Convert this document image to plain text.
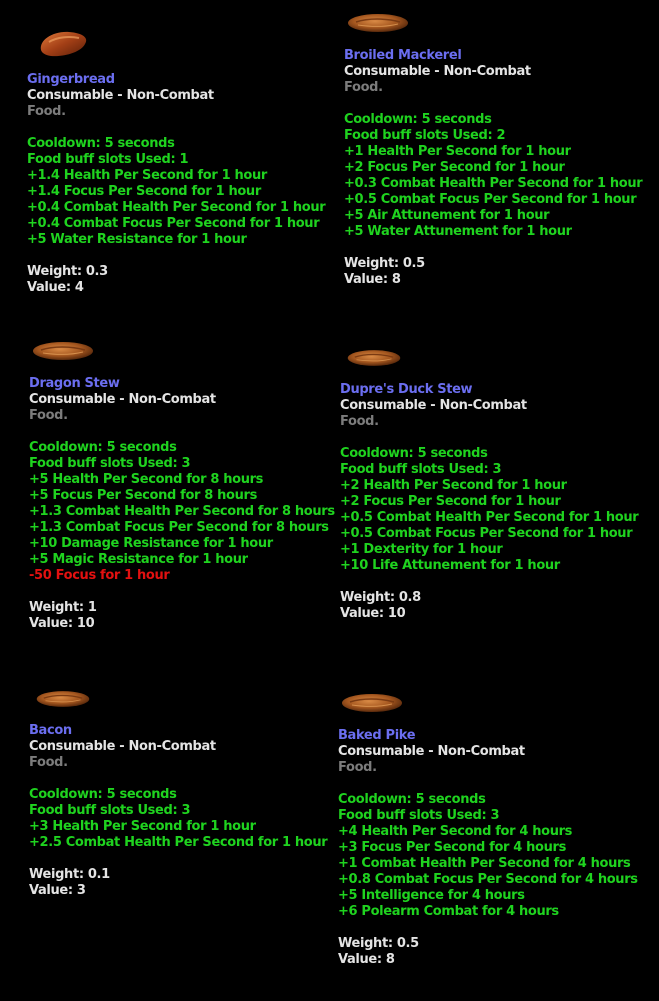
Gingerbread
Consumable - Non-Combat
Food.
Cooldown: 5 seconds
Food buff slots Used: 1
+1.4 Health Per Second for 1 hour
+1.4 Focus Per Second for 1 hour
+0.4 Combat Health Per Second for 1 hour
+0.4 Combat Focus Per Second for 1 hour
+5 Water Resistance for 1 hour
Weight: 0.3
Value: 4
Broiled Mackerel
Consumable - Non-Combat
Food.
Cooldown: 5 seconds
Food buff slots Used: 2
+1 Health Per Second for 1 hour
+2 Focus Per Second for 1 hour
+0.3 Combat Health Per Second for 1 hour
+0.5 Combat Focus Per Second for 1 hour
+5 Air Attunement for 1 hour
+5 Water Attunement for 1 hour
Weight: 0.5
Value: 8
Dragon Stew
Consumable - Non-Combat
Food.
Cooldown: 5 seconds
Food buff slots Used: 3
+5 Health Per Second for 8 hours
+5 Focus Per Second for 8 hours
+1.3 Combat Health Per Second for 8 hours
+1.3 Combat Focus Per Second for 8 hours
+10 Damage Resistance for 1 hour
+5 Magic Resistance for 1 hour
-50 Focus for 1 hour
Weight: 1
Value: 10
Dupre's Duck Stew
Consumable - Non-Combat
Food.
Cooldown: 5 seconds
Food buff slots Used: 3
+2 Health Per Second for 1 hour
+2 Focus Per Second for 1 hour
+0.5 Combat Health Per Second for 1 hour
+0.5 Combat Focus Per Second for 1 hour
+1 Dexterity for 1 hour
+10 Life Attunement for 1 hour
Weight: 0.8
Value: 10
Bacon
Consumable - Non-Combat
Food.
Cooldown: 5 seconds
Food buff slots Used: 3
+3 Health Per Second for 1 hour
+2.5 Combat Health Per Second for 1 hour
Weight: 0.1
Value: 3
Baked Pike
Consumable - Non-Combat
Food.
Cooldown: 5 seconds
Food buff slots Used: 3
+4 Health Per Second for 4 hours
+3 Focus Per Second for 4 hours
+1 Combat Health Per Second for 4 hours
+0.8 Combat Focus Per Second for 4 hours
+5 Intelligence for 4 hours
+6 Polearm Combat for 4 hours
Weight: 0.5
Value: 8
